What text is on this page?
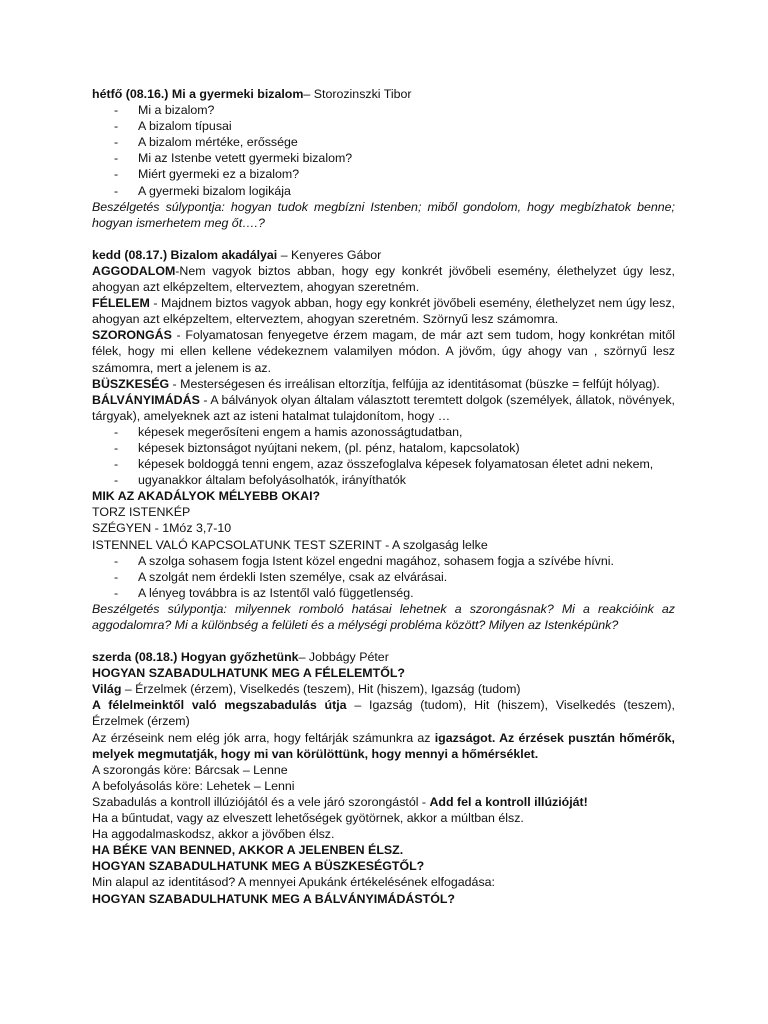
hétfő (08.16.) Mi a gyermeki bizalom– Storozinszki Tibor

- Mi a bizalom?
- A bizalom típusai
- A bizalom mértéke, erőssége
- Mi az Istenbe vetett gyermeki bizalom?
- Miért gyermeki ez a bizalom?
- A gyermeki bizalom logikája

Beszélgetés súlypontja: hogyan tudok megbízni Istenben; miből gondolom, hogy megbízhatok benne; hogyan ismerhetem meg őt….?

kedd (08.17.) Bizalom akadályai – Kenyeres Gábor

AGGODALOM-Nem vagyok biztos abban, hogy egy konkrét jövőbeli esemény, élethelyzet úgy lesz, ahogyan azt elképzeltem, elterveztem, ahogyan szeretném.

FÉLELEM - Majdnem biztos vagyok abban, hogy egy konkrét jövőbeli esemény, élethelyzet nem úgy lesz, ahogyan azt elképzeltem, elterveztem, ahogyan szeretném. Szörnyű lesz számomra.

SZORONGÁS - Folyamatosan fenyegetve érzem magam, de már azt sem tudom, hogy konkrétan mitől félek, hogy mi ellen kellene védekeznem valamilyen módon. A jövőm, úgy ahogy van , szörnyű lesz számomra, mert a jelenem is az.

BÜSZKESÉG - Mesterségesen és irreálisan eltorzítja, felfújja az identitásomat (büszke = felfújt hólyag).

BÁLVÁNYIMÁDÁS - A bálványok olyan általam választott teremtett dolgok (személyek, állatok, növények, tárgyak), amelyeknek azt az isteni hatalmat tulajdonítom, hogy …

- képesek megerősíteni engem a hamis azonosságtudatban,
- képesek biztonságot nyújtani nekem, (pl. pénz, hatalom, kapcsolatok)
- képesek boldoggá tenni engem, azaz összefoglalva képesek folyamatosan életet adni nekem,
- ugyanakkor általam befolyásolhatók, irányíthatók

MIK AZ AKADÁLYOK MÉLYEBB OKAI?

TORZ ISTENKÉP

SZÉGYEN - 1Móz 3,7-10

ISTENNEL VALÓ KAPCSOLATUNK TEST SZERINT - A szolgaság lelke

- A szolga sohasem fogja Istent közel engedni magához, sohasem fogja a szívébe hívni.
- A szolgát nem érdekli Isten személye, csak az elvárásai.
- A lényeg továbbra is az Istentől való függetlenség.

Beszélgetés súlypontja: milyennek romboló hatásai lehetnek a szorongásnak? Mi a reakcióink az aggodalomra? Mi a különbség a felületi és a mélységi probléma között? Milyen az Istenképünk?

szerda (08.18.) Hogyan győzhetünk– Jobbágy Péter

HOGYAN SZABADULHATUNK MEG A FÉLELEMTŐL?

Világ – Érzelmek (érzem), Viselkedés (teszem), Hit (hiszem), Igazság (tudom)

A félelmeinktől való megszabadulás útja – Igazság (tudom), Hit (hiszem), Viselkedés (teszem), Érzelmek (érzem)

Az érzéseink nem elég jók arra, hogy feltárják számunkra az igazságot. Az érzések pusztán hőmérők, melyek megmutatják, hogy mi van körülöttünk, hogy mennyi a hőmérséklet.

A szorongás köre: Bárcsak – Lenne

A befolyásolás köre: Lehetek – Lenni

Szabadulás a kontroll illúziójától és a vele járó szorongástól - Add fel a kontroll illúzióját!

Ha a bűntudat, vagy az elveszett lehetőségek gyötörnek, akkor a múltban élsz.

Ha aggodalmaskodsz, akkor a jövőben élsz.

HA BÉKE VAN BENNED, AKKOR A JELENBEN ÉLSZ.

HOGYAN SZABADULHATUNK MEG A BÜSZKESÉGTŐL?

Min alapul az identitásod? A mennyei Apukánk értékelésének elfogadása:

HOGYAN SZABADULHATUNK MEG A BÁLVÁNYIMÁDÁSTÓL?
